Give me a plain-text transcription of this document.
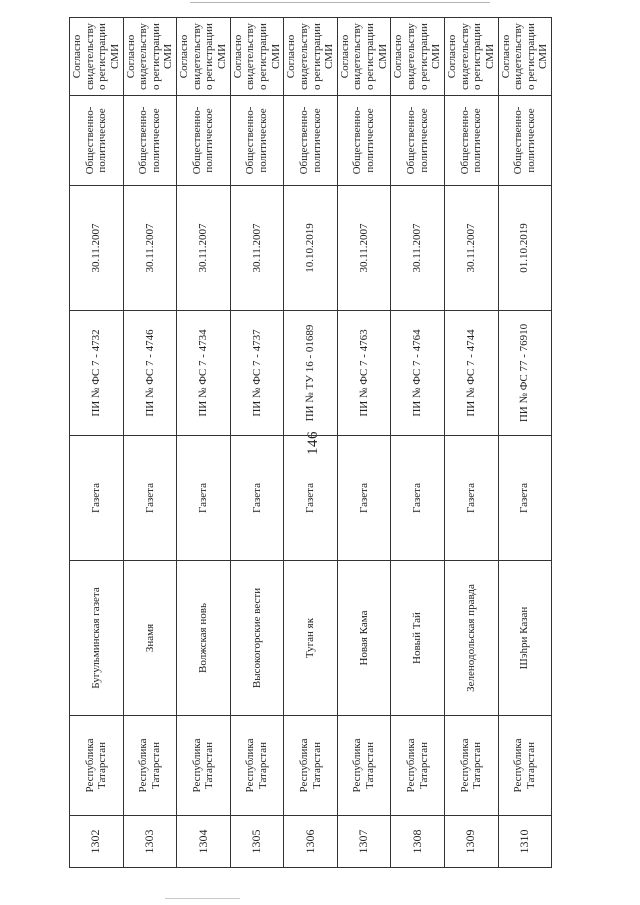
146
1302	Республика Татарстан	Бугульминская газета	Газета	ПИ № ФС 7 - 4732	30.11.2007	Общественно-политическое	Согласно свидетельству о регистрации СМИ
1303	Республика Татарстан	Знамя	Газета	ПИ № ФС 7 - 4746	30.11.2007	Общественно-политическое	Согласно свидетельству о регистрации СМИ
1304	Республика Татарстан	Волжская новь	Газета	ПИ № ФС 7 - 4734	30.11.2007	Общественно-политическое	Согласно свидетельству о регистрации СМИ
1305	Республика Татарстан	Высокогорские вести	Газета	ПИ № ФС 7 - 4737	30.11.2007	Общественно-политическое	Согласно свидетельству о регистрации СМИ
1306	Республика Татарстан	Туган як	Газета	ПИ № ТУ 16 - 01689	10.10.2019	Общественно-политическое	Согласно свидетельству о регистрации СМИ
1307	Республика Татарстан	Новая Кама	Газета	ПИ № ФС 7 - 4763	30.11.2007	Общественно-политическое	Согласно свидетельству о регистрации СМИ
1308	Республика Татарстан	Новый Тай	Газета	ПИ № ФС 7 - 4764	30.11.2007	Общественно-политическое	Согласно свидетельству о регистрации СМИ
1309	Республика Татарстан	Зеленодольская правда	Газета	ПИ № ФС 7 - 4744	30.11.2007	Общественно-политическое	Согласно свидетельству о регистрации СМИ
1310	Республика Татарстан	Шэhри Казан	Газета	ПИ № ФС 77 - 76910	01.10.2019	Общественно-политическое	Согласно свидетельству о регистрации СМИ
